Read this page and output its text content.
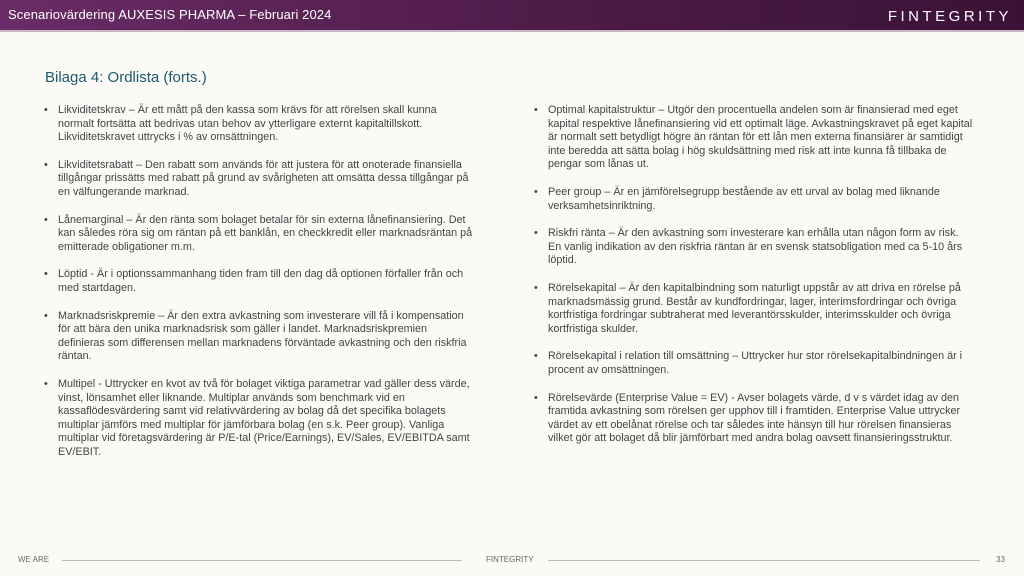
Scenariovärdering AUXESIS PHARMA – Februari 2024	FINTEGRITY
Bilaga 4: Ordlista (forts.)
• Likviditetskrav – Är ett mått på den kassa som krävs för att rörelsen skall kunna normalt fortsätta att bedrivas utan behov av ytterligare externt kapitaltillskott. Likviditetskravet uttrycks i % av omsättningen.
• Likviditetsrabatt – Den rabatt som används för att justera för att onoterade finansiella tillgångar prissätts med rabatt på grund av svårigheten att omsätta dessa tillgångar på en välfungerande marknad.
• Lånemarginal – Är den ränta som bolaget betalar för sin externa lånefinansiering. Det kan således röra sig om räntan på ett banklån, en checkkredit eller marknadsräntan på emitterade obligationer m.m.
• Löptid - Är i optionssammanhang tiden fram till den dag då optionen förfaller från och med startdagen.
• Marknadsriskpremie – Är den extra avkastning som investerare vill få i kompensation för att bära den unika marknadsrisk som gäller i landet. Marknadsriskpremien definieras som differensen mellan marknadens förväntade avkastning och den riskfria räntan.
• Multipel - Uttrycker en kvot av två för bolaget viktiga parametrar vad gäller dess värde, vinst, lönsamhet eller liknande. Multiplar används som benchmark vid en kassaflödesvärdering samt vid relativvärdering av bolag då det specifika bolagets multiplar jämförs med multiplar för jämförbara bolag (en s.k. Peer group). Vanliga multiplar vid företagsvärdering är P/E-tal (Price/Earnings), EV/Sales, EV/EBITDA samt EV/EBIT.
• Optimal kapitalstruktur – Utgör den procentuella andelen som är finansierad med eget kapital respektive lånefinansiering vid ett optimalt läge. Avkastningskravet på eget kapital är normalt sett betydligt högre än räntan för ett lån men externa finansiärer är samtidigt inte beredda att sätta bolag i hög skuldsättning med risk att inte kunna få tillbaka de pengar som lånas ut.
• Peer group – Är en jämförelsegrupp bestående av ett urval av bolag med liknande verksamhetsinriktning.
• Riskfri ränta – Är den avkastning som investerare kan erhålla utan någon form av risk. En vanlig indikation av den riskfria räntan är en svensk statsobligation med ca 5-10 års löptid.
• Rörelsekapital – Är den kapitalbindning som naturligt uppstår av att driva en rörelse på marknadsmässig grund. Består av kundfordringar, lager, interimsfordringar och övriga kortfristiga fordringar subtraherat med leverantörsskulder, interimsskulder och övriga kortfristiga skulder.
• Rörelsekapital i relation till omsättning – Uttrycker hur stor rörelsekapitalbindningen är i procent av omsättningen.
• Rörelsevärde (Enterprise Value = EV) - Avser bolagets värde, d v s värdet idag av den framtida avkastning som rörelsen ger upphov till i framtiden. Enterprise Value uttrycker värdet av ett obelånat rörelse och tar således inte hänsyn till hur rörelsen finansieras vilket gör att bolaget då blir jämförbart med andra bolag oavsett finansieringsstruktur.
WE ARE	FINTEGRITY	33
